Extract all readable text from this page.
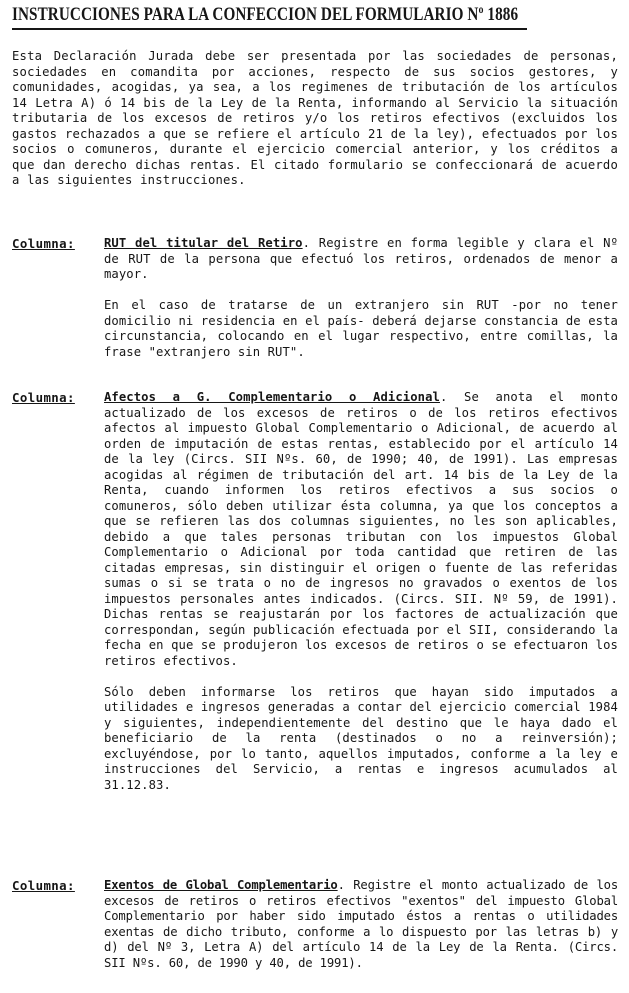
INSTRUCCIONES PARA LA CONFECCION DEL FORMULARIO Nº 1886
Esta Declaración Jurada debe ser presentada por las sociedades de personas, sociedades en comandita por acciones, respecto de sus socios gestores, y comunidades, acogidas, ya sea, a los regimenes de tributación de los artículos 14 Letra A) ó 14 bis de la Ley de la Renta, informando al Servicio la situación tributaria de los excesos de retiros y/o los retiros efectivos (excluidos los gastos rechazados a que se refiere el artículo 21 de la ley), efectuados por los socios o comuneros, durante el ejercicio comercial anterior, y los créditos a que dan derecho dichas rentas. El citado formulario se confeccionará de acuerdo a las siguientes instrucciones.
Columna:	RUT del titular del Retiro. Registre en forma legible y clara el Nº de RUT de la persona que efectuó los retiros, ordenados de menor a mayor.

En el caso de tratarse de un extranjero sin RUT -por no tener domicilio ni residencia en el país- deberá dejarse constancia de esta circunstancia, colocando en el lugar respectivo, entre comillas, la frase "extranjero sin RUT".

Columna:	Afectos a G. Complementario o Adicional. Se anota el monto actualizado de los excesos de retiros o de los retiros efectivos afectos al impuesto Global Complementario o Adicional, de acuerdo al orden de imputación de estas rentas, establecido por el artículo 14 de la ley (Circs. SII Nºs. 60, de 1990; 40, de 1991). Las empresas acogidas al régimen de tributación del art. 14 bis de la Ley de la Renta, cuando informen los retiros efectivos a sus socios o comuneros, sólo deben utilizar ésta columna, ya que los conceptos a que se refieren las dos columnas siguientes, no les son aplicables, debido a que tales personas tributan con los impuestos Global Complementario o Adicional por toda cantidad que retiren de las citadas empresas, sin distinguir el origen o fuente de las referidas sumas o si se trata o no de ingresos no gravados o exentos de los impuestos personales antes indicados. (Circs. SII. Nº 59, de 1991). Dichas rentas se reajustarán por los factores de actualización que correspondan, según publicación efectuada por el SII, considerando la fecha en que se produjeron los excesos de retiros o se efectuaron los retiros efectivos.

Sólo deben informarse los retiros que hayan sido imputados a utilidades e ingresos generadas a contar del ejercicio comercial 1984 y siguientes, independientemente del destino que le haya dado el beneficiario de la renta (destinados o no a reinversión); excluyéndose, por lo tanto, aquellos imputados, conforme a la ley e instrucciones del Servicio, a rentas e ingresos acumulados al 31.12.83.

Columna:	Exentos de Global Complementario. Registre el monto actualizado de los excesos de retiros o retiros efectivos "exentos" del impuesto Global Complementario por haber sido imputado éstos a rentas o utilidades exentas de dicho tributo, conforme a lo dispuesto por las letras b) y d) del Nº 3, Letra A) del artículo 14 de la Ley de la Renta. (Circs. SII Nºs. 60, de 1990 y 40, de 1991).
